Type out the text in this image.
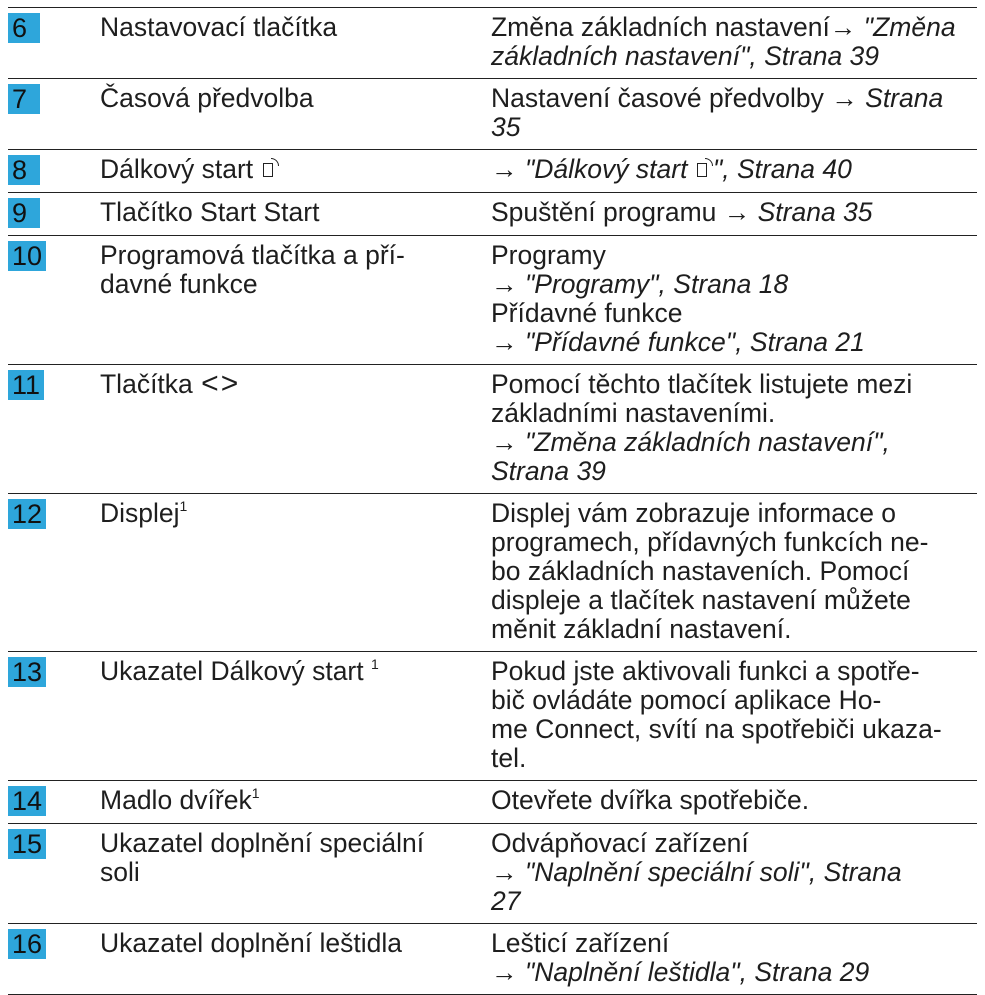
6	Nastavovací tlačítka	Změna základních nastavení→ "Změna
základních nastavení", Strana 39

7	Časová předvolba	Nastavení časové předvolby → Strana
35

8	Dálkový start	→ "Dálkový start ", Strana 40

9	Tlačítko Start Start	Spuštění programu → Strana 35

10	Programová tlačítka a pří-
davné funkce	Programy
→ "Programy", Strana 18
Přídavné funkce
→ "Přídavné funkce", Strana 21

11	Tlačítka <>	Pomocí těchto tlačítek listujete mezi
základními nastaveními.
→ "Změna základních nastavení",
Strana 39

12	Displej$^1$	Displej vám zobrazuje informace o
programech, přídavných funkcích ne-
bo základních nastaveních. Pomocí
displeje a tlačítek nastavení můžete
měnit základní nastavení.

13	Ukazatel Dálkový start $^1$	Pokud jste aktivovali funkci a spotře-
bič ovládáte pomocí aplikace Ho-
me Connect, svítí na spotřebiči ukaza-
tel.

14	Madlo dvířek$^1$	Otevřete dvířka spotřebiče.

15	Ukazatel doplnění speciální
soli	Odvápňovací zařízení
→ "Naplnění speciální soli", Strana
27

16	Ukazatel doplnění leštidla	Lešticí zařízení
→ "Naplnění leštidla", Strana 29
